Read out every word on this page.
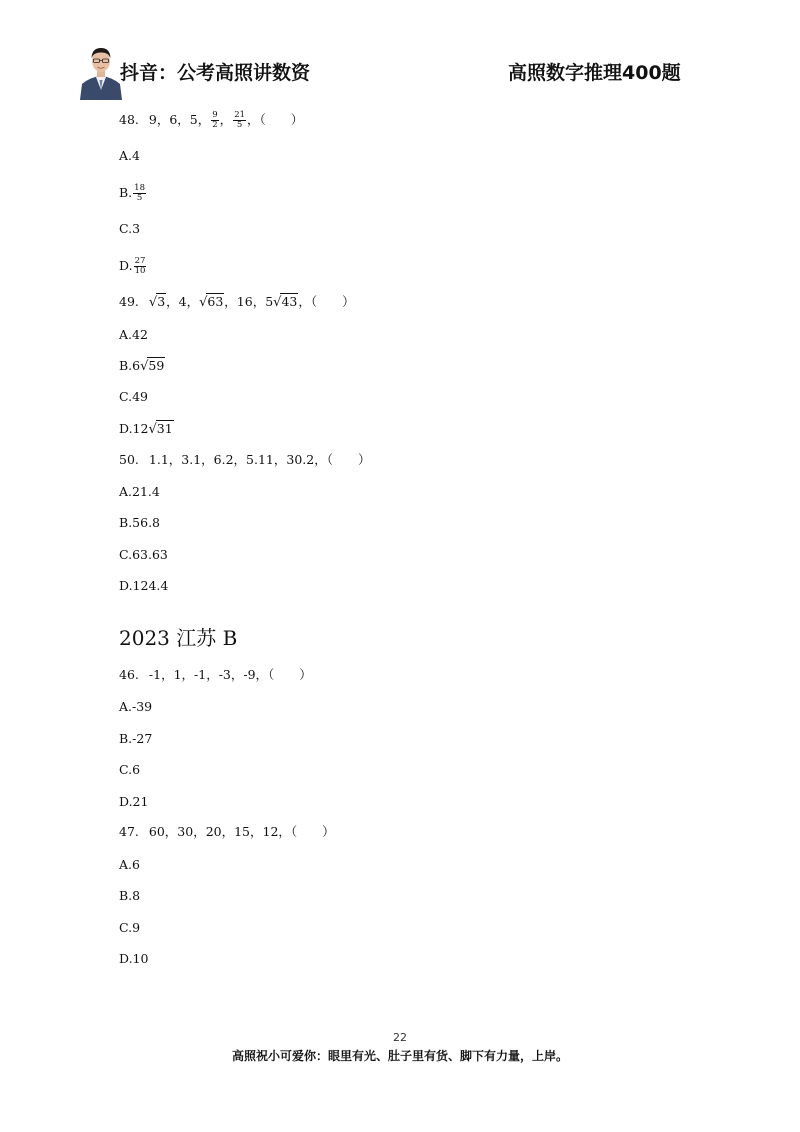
抖音：公考高照讲数资	高照数字推理400题
48. 9，6，5， $\frac{9}{2}$ ， $\frac{21}{5}$ ，（　　）
A.4
B. $\frac{18}{5}$
C.3
D. $\frac{27}{10}$
49. √3，4，√63，16，5√43，（　　）
A.42
B.6√59
C.49
D.12√31
50. 1.1，3.1，6.2，5.11，30.2，（　　）
A.21.4
B.56.8
C.63.63
D.124.4
46. -1，1，-1，-3，-9，（　　）
A.-39
B.-27
C.6
D.21
47. 60，30，20，15，12，（　　）
A.6
B.8
C.9
D.10
2023 江苏 B
22
高照祝小可爱你：眼里有光、肚子里有货、脚下有力量，上岸。
